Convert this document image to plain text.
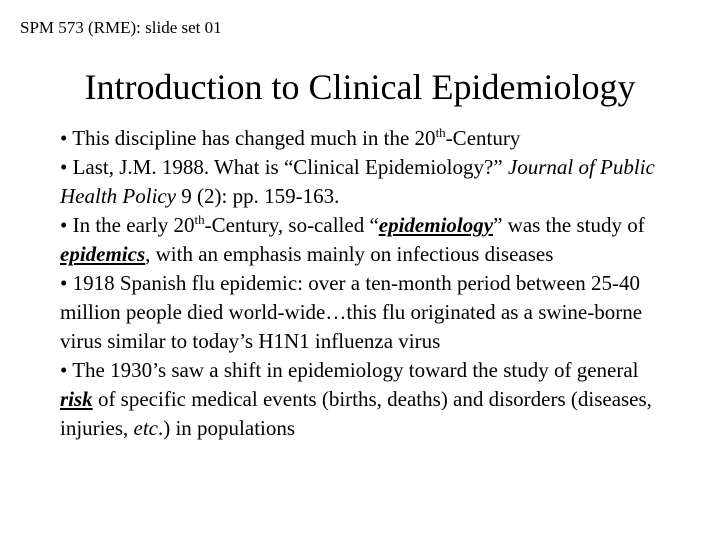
SPM 573 (RME): slide set 01
Introduction to Clinical Epidemiology

• This discipline has changed much in the 20th-Century

• Last, J.M. 1988. What is “Clinical Epidemiology?” Journal of Public Health Policy 9 (2): pp. 159-163.

• In the early 20th-Century, so-called “epidemiology” was the study of epidemics, with an emphasis mainly on infectious diseases

• 1918 Spanish flu epidemic: over a ten-month period between 25-40 million people died world-wide…this flu originated as a swine-borne virus similar to today’s H1N1 influenza virus

• The 1930’s saw a shift in epidemiology toward the study of general risk of specific medical events (births, deaths) and disorders (diseases, injuries, etc.) in populations
